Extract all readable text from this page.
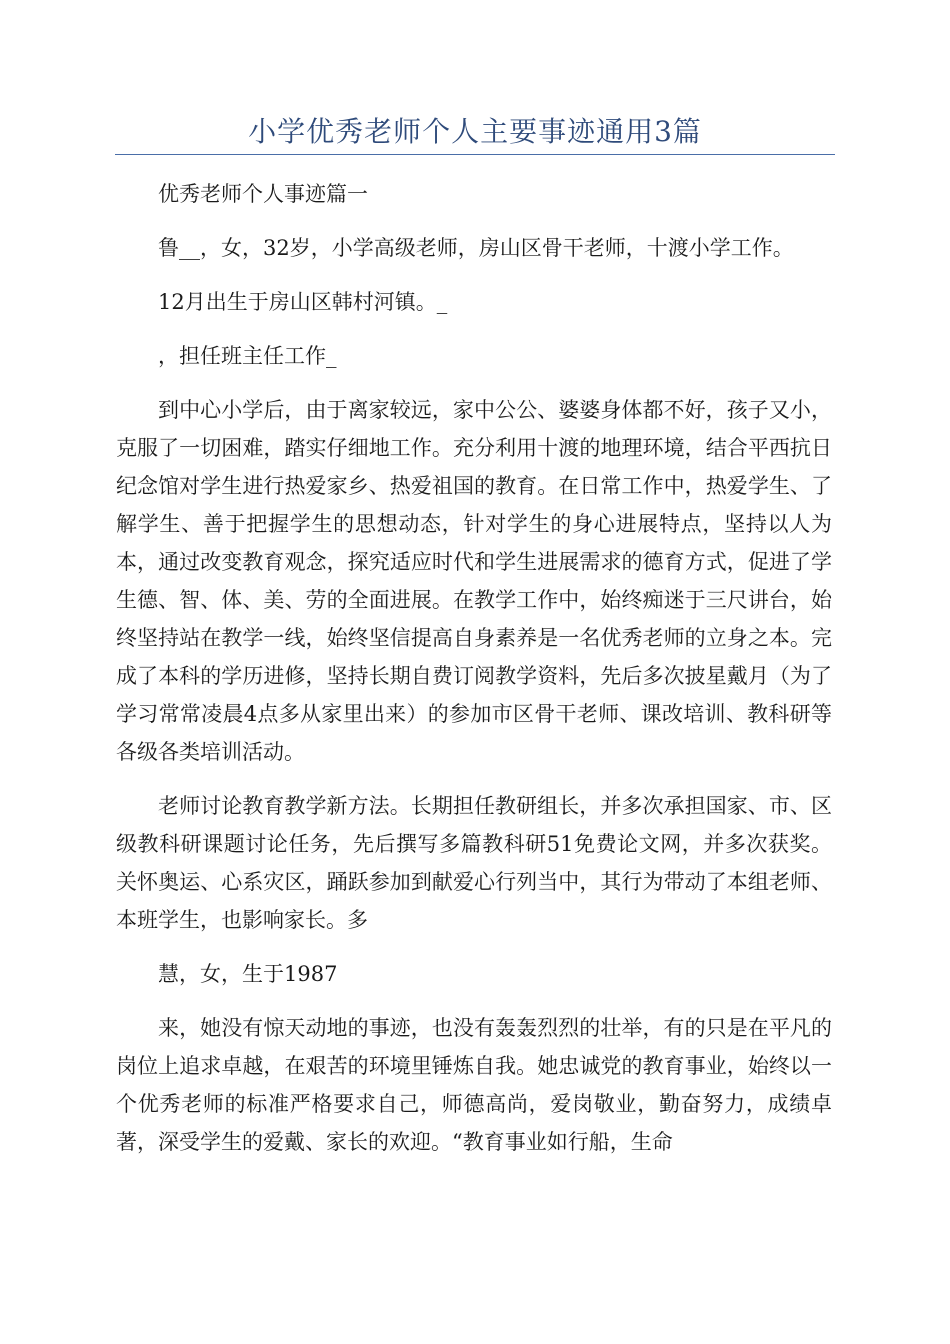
小学优秀老师个人主要事迹通用3篇

优秀老师个人事迹篇一

鲁__，女，32岁，小学高级老师，房山区骨干老师，十渡小学工作。

12月出生于房山区韩村河镇。_

，担任班主任工作_

到中心小学后，由于离家较远，家中公公、婆婆身体都不好，孩子又小，克服了一切困难，踏实仔细地工作。充分利用十渡的地理环境，结合平西抗日纪念馆对学生进行热爱家乡、热爱祖国的教育。在日常工作中，热爱学生、了解学生、善于把握学生的思想动态，针对学生的身心进展特点，坚持以人为本，通过改变教育观念，探究适应时代和学生进展需求的德育方式，促进了学生德、智、体、美、劳的全面进展。在教学工作中，始终痴迷于三尺讲台，始终坚持站在教学一线，始终坚信提高自身素养是一名优秀老师的立身之本。完成了本科的学历进修，坚持长期自费订阅教学资料，先后多次披星戴月（为了学习常常凌晨4点多从家里出来）的参加市区骨干老师、课改培训、教科研等各级各类培训活动。

老师讨论教育教学新方法。长期担任教研组长，并多次承担国家、市、区级教科研课题讨论任务，先后撰写多篇教科研51免费论文网，并多次获奖。关怀奥运、心系灾区，踊跃参加到献爱心行列当中，其行为带动了本组老师、本班学生，也影响家长。多

慧，女，生于1987

来，她没有惊天动地的事迹，也没有轰轰烈烈的壮举，有的只是在平凡的岗位上追求卓越，在艰苦的环境里锤炼自我。她忠诚党的教育事业，始终以一个优秀老师的标准严格要求自己，师德高尚，爱岗敬业，勤奋努力，成绩卓著，深受学生的爱戴、家长的欢迎。“教育事业如行船，生命
